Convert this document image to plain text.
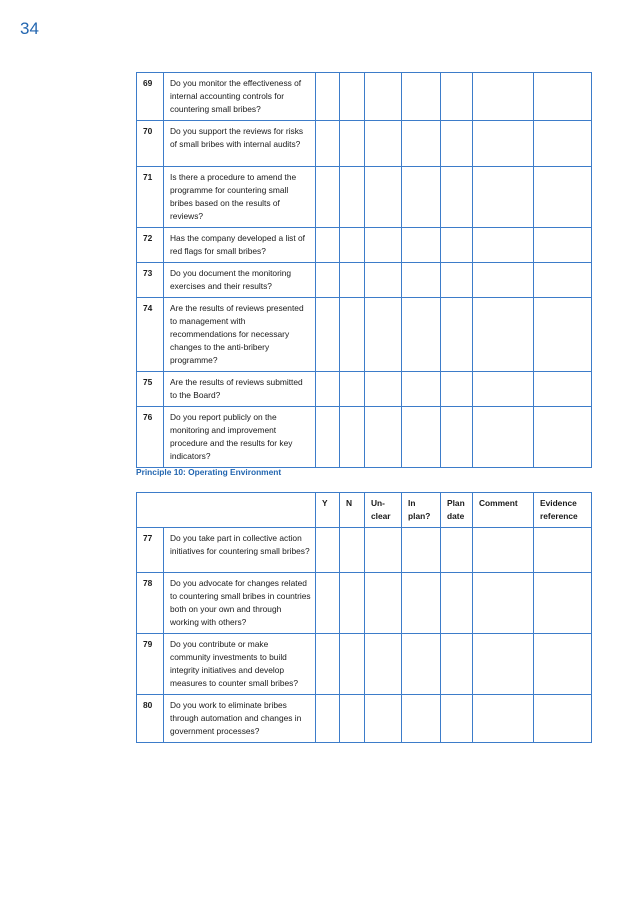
34
69	Do you monitor the effectiveness of internal accounting controls for countering small bribes?							
70	Do you support the reviews for risks of small bribes with internal audits?							
71	Is there a procedure to amend the programme for countering small bribes based on the results of reviews?							
72	Has the company developed a list of red flags for small bribes?							
73	Do you document the monitoring exercises and their results?							
74	Are the results of reviews presented to management with recommendations for necessary changes to the anti-bribery programme?							
75	Are the results of reviews submitted to the Board?							
76	Do you report publicly on the monitoring and improvement procedure and the results for key indicators?							
Principle 10: Operating Environment
		Y	N	Un-clear	In plan?	Plan date	Comment	Evidence reference
77	Do you take part in collective action initiatives for countering small bribes?							
78	Do you advocate for changes related to countering small bribes in countries both on your own and through working with others?							
79	Do you contribute or make community investments to build integrity initiatives and develop measures to counter small bribes?							
80	Do you work to eliminate bribes through automation and changes in government processes?							
